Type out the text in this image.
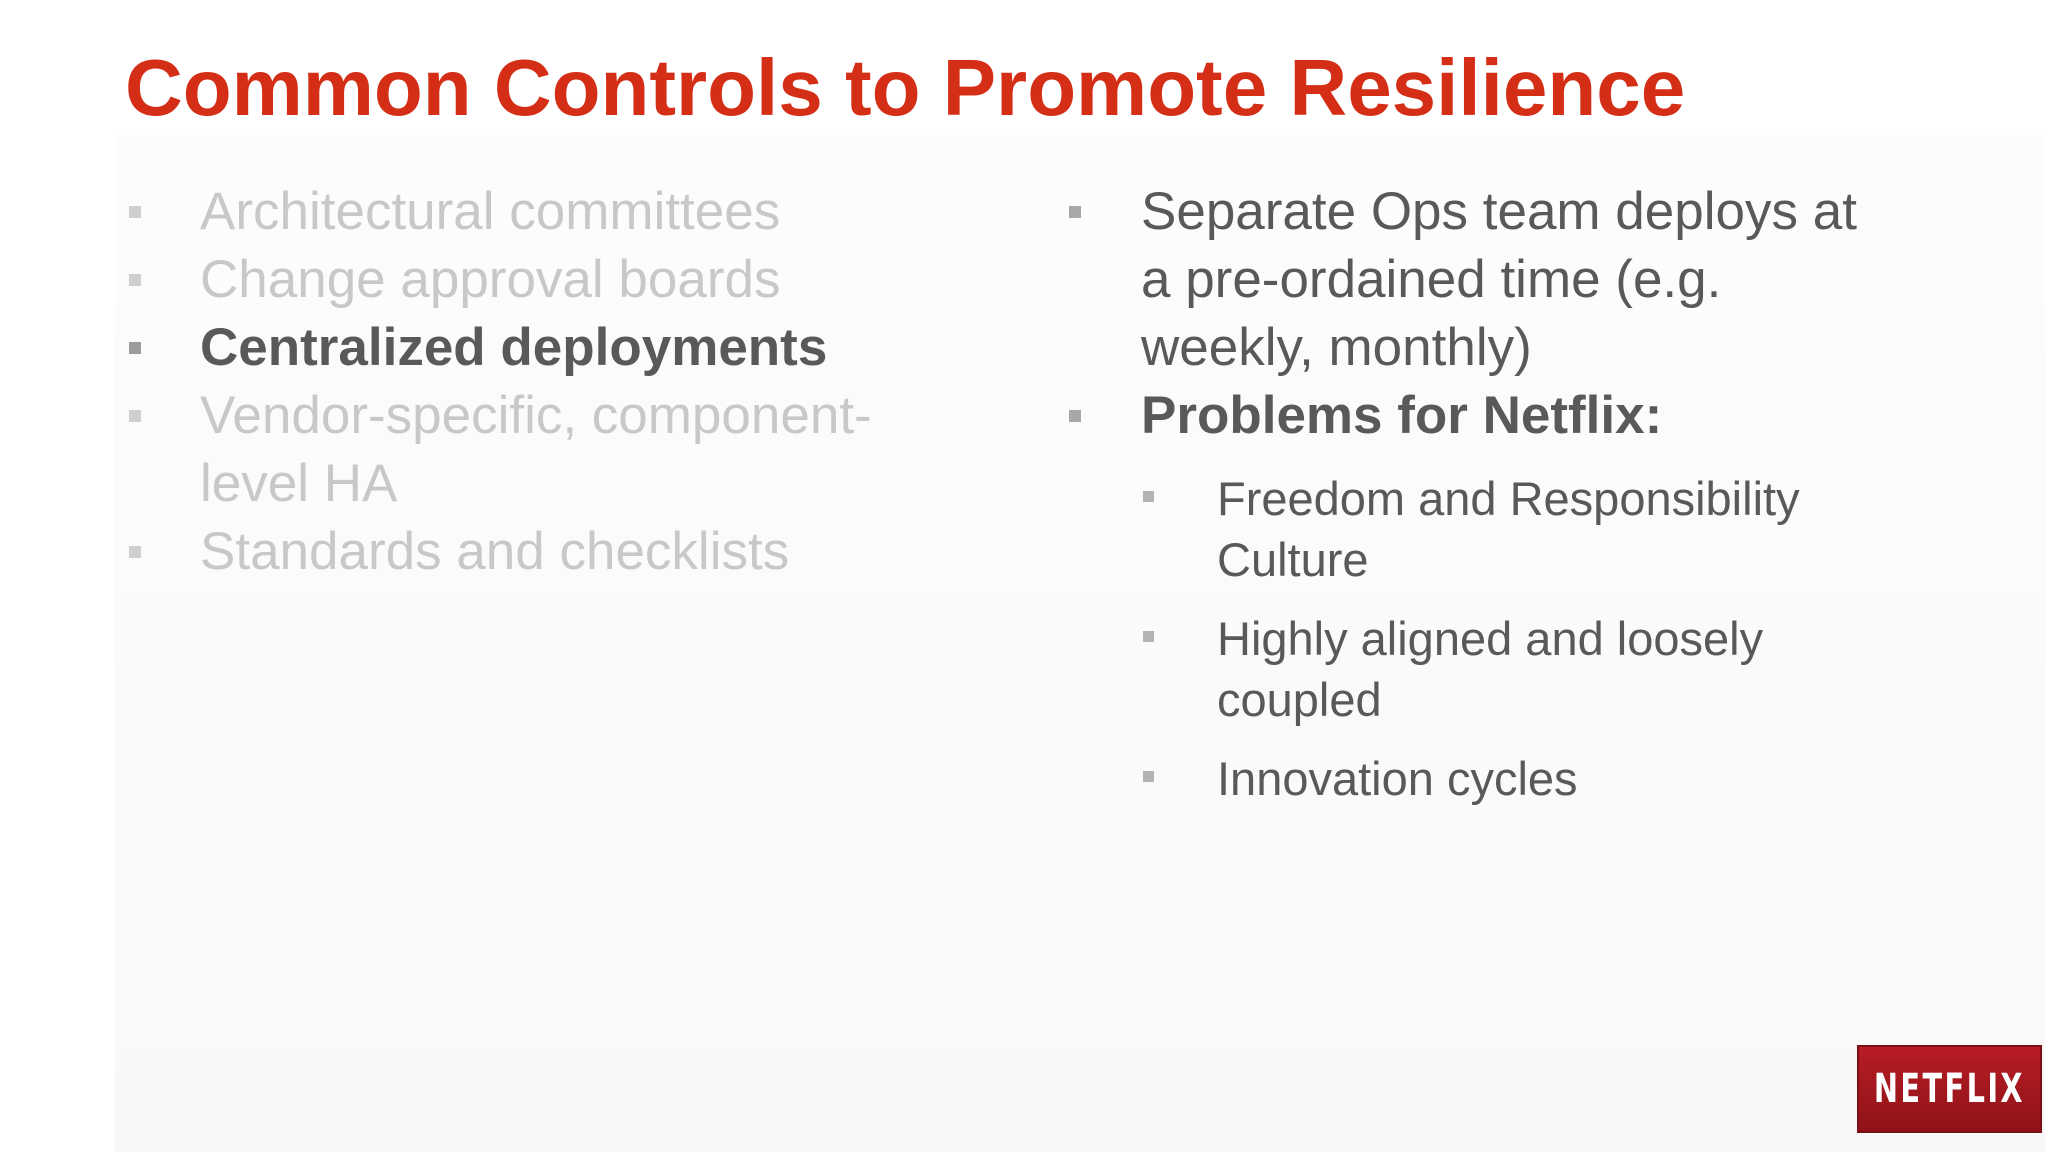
Common Controls to Promote Resilience
Architectural committees
Change approval boards
Centralized deployments
Vendor-specific, component-
level HA
Standards and checklists
Separate Ops team deploys at
a pre-ordained time (e.g.
weekly, monthly)
Problems for Netflix:
Freedom and Responsibility
Culture
Highly aligned and loosely
coupled
Innovation cycles
NETFLIX
